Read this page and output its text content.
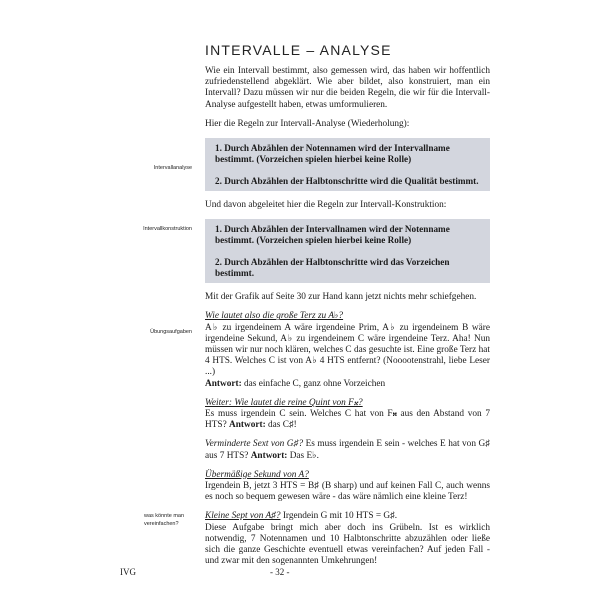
INTERVALLE – ANALYSE
Intervallanalyse
Intervallkonstruktion
Übungsaufgaben
was könnte man vereinfachen?

Wie ein Intervall bestimmt, also gemessen wird, das haben wir hoffentlich zufriedenstellend abgeklärt. Wie aber bildet, also konstruiert, man ein Intervall? Dazu müssen wir nur die beiden Regeln, die wir für die Intervall-Analyse aufgestellt haben, etwas umformulieren.

Hier die Regeln zur Intervall-Analyse (Wiederholung):

1. Durch Abzählen der Notennamen wird der Intervallname bestimmt. (Vorzeichen spielen hierbei keine Rolle)
2. Durch Abzählen der Halbtonschritte wird die Qualität bestimmt.

Und davon abgeleitet hier die Regeln zur Intervall-Konstruktion:

1. Durch Abzählen der Intervallnamen wird der Notenname bestimmt. (Vorzeichen spielen hierbei keine Rolle)
2. Durch Abzählen der Halbtonschritte wird das Vorzeichen bestimmt.

Mit der Grafik auf Seite 30 zur Hand kann jetzt nichts mehr schiefgehen.

Wie lautet also die große Terz zu A♭?
A♭ zu irgendeinem A wäre irgendeine Prim, A♭ zu irgendeinem B wäre irgendeine Sekund, A♭ zu irgendeinem C wäre irgendeine Terz. Aha! Nun müssen wir nur noch klären, welches C das gesuchte ist. Eine große Terz hat 4 HTS. Welches C ist von A♭ 4 HTS entfernt? (Nooootenstrahl, liebe Leser ...)
Antwort: das einfache C, ganz ohne Vorzeichen

Weiter: Wie lautet die reine Quint von F𝄪?
Es muss irgendein C sein. Welches C hat von F𝄪 aus den Abstand von 7 HTS? Antwort: das C♯!

Verminderte Sext von G♯? Es muss irgendein E sein - welches E hat von G♯ aus 7 HTS? Antwort: Das E♭.

Übermäßige Sekund von A?
Irgendein B, jetzt 3 HTS = B♯ (B sharp) und auf keinen Fall C, auch wenns es noch so bequem gewesen wäre - das wäre nämlich eine kleine Terz!

Kleine Sept von A♯? Irgendein G mit 10 HTS = G♯.
Diese Aufgabe bringt mich aber doch ins Grübeln. Ist es wirklich notwendig, 7 Notennamen und 10 Halbtonschritte abzuzählen oder ließe sich die ganze Geschichte eventuell etwas vereinfachen? Auf jeden Fall - und zwar mit den sogenannten Umkehrungen!

IVG	- 32 -
